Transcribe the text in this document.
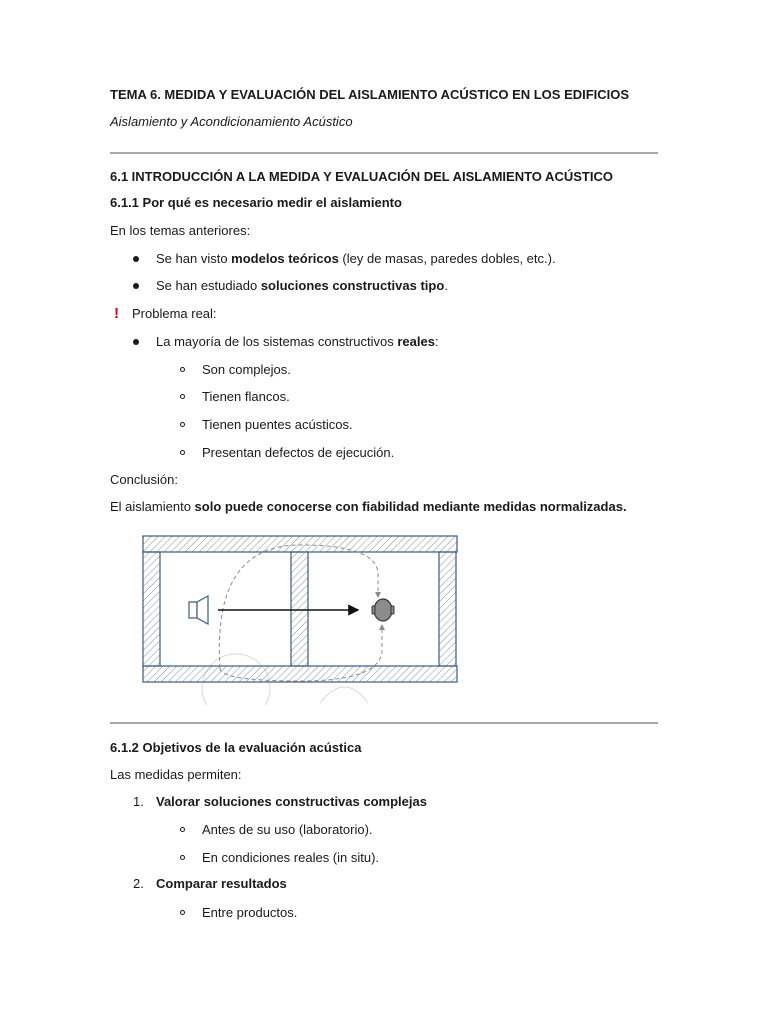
TEMA 6. MEDIDA Y EVALUACIÓN DEL AISLAMIENTO ACÚSTICO EN LOS EDIFICIOS
Aislamiento y Acondicionamiento Acústico
6.1 INTRODUCCIÓN A LA MEDIDA Y EVALUACIÓN DEL AISLAMIENTO ACÚSTICO
6.1.1 Por qué es necesario medir el aislamiento
En los temas anteriores:
Se han visto modelos teóricos (ley de masas, paredes dobles, etc.).
Se han estudiado soluciones constructivas tipo.
! Problema real:
La mayoría de los sistemas constructivos reales:
Son complejos.
Tienen flancos.
Tienen puentes acústicos.
Presentan defectos de ejecución.
Conclusión:
El aislamiento solo puede conocerse con fiabilidad mediante medidas normalizadas.
6.1.2 Objetivos de la evaluación acústica
Las medidas permiten:
1. Valorar soluciones constructivas complejas
Antes de su uso (laboratorio).
En condiciones reales (in situ).
2. Comparar resultados
Entre productos.
